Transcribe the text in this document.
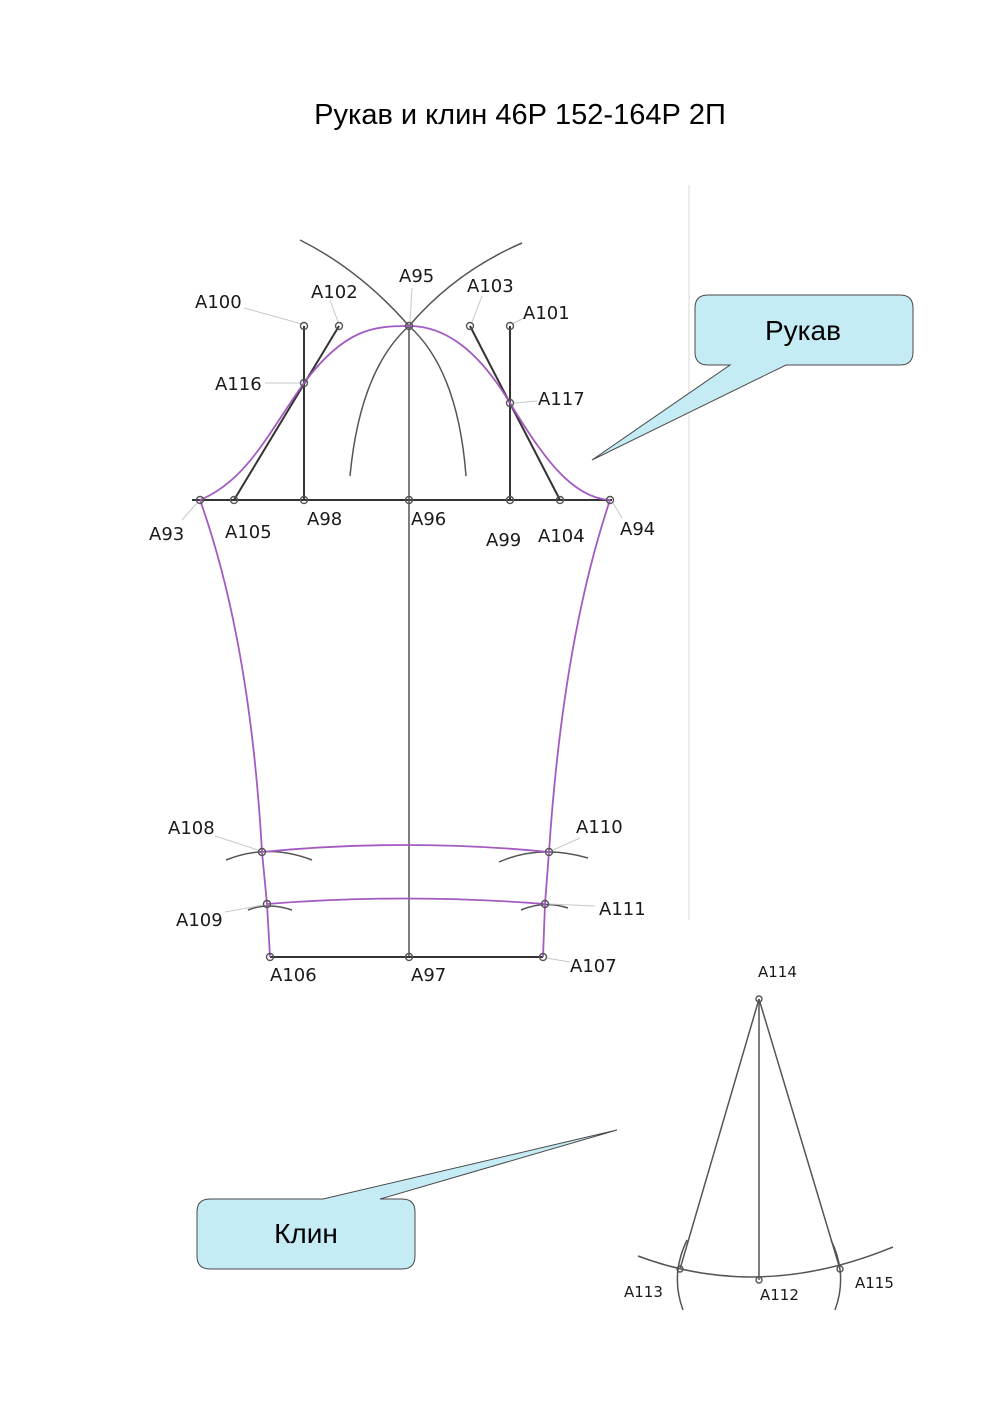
Рукав и клин 46Р 152-164Р 2П
A100	A102
A95 A103
A101
A116
A117
A93 A105
A98	A96
A99 A104 A94
A108	A110
A109
A111
A106	A97	A107
Рукав
A114
A113	A112
A115
Клин
